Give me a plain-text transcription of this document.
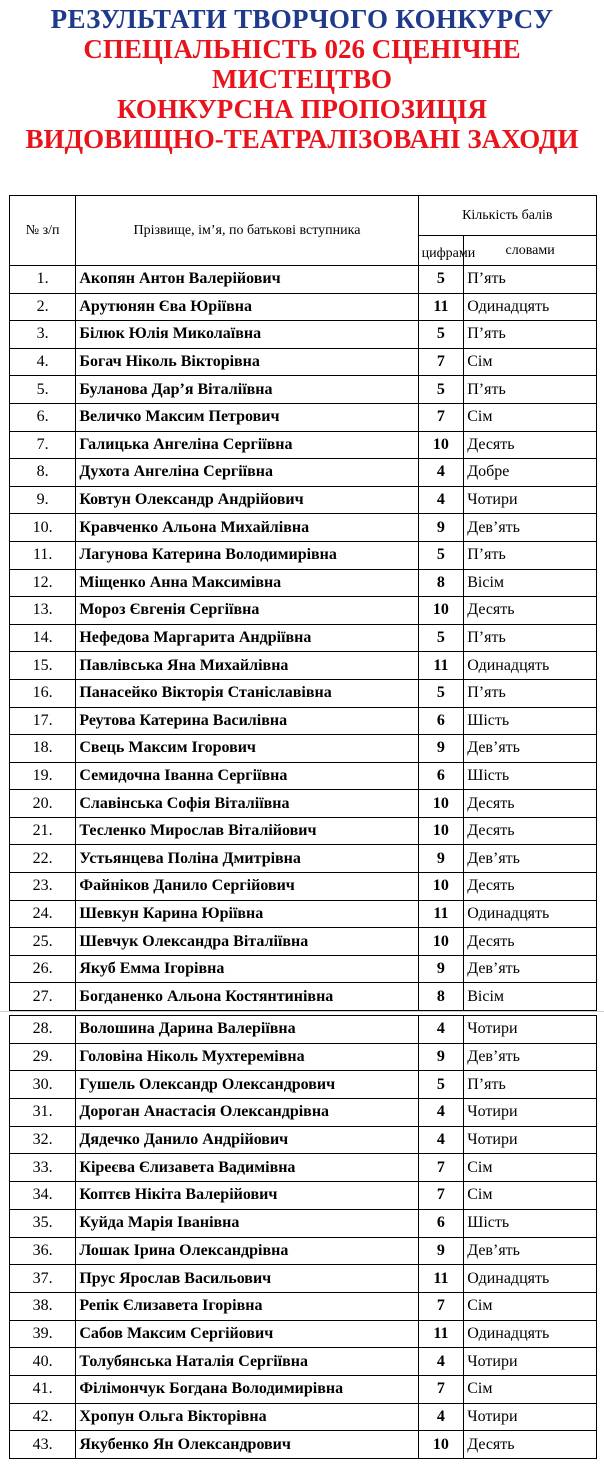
РЕЗУЛЬТАТИ ТВОРЧОГО КОНКУРСУ
СПЕЦІАЛЬНІСТЬ 026 СЦЕНІЧНЕ
МИСТЕЦТВО
КОНКУРСНА ПРОПОЗИЦІЯ
ВИДОВИЩНО-ТЕАТРАЛІЗОВАНІ ЗАХОДИ
№ з/п	Прізвище, ім’я, по батькові вступника	Кількість балів	
		цифрами	словами
1.	Акопян Антон Валерійович	5	П’ять
2.	Арутюнян Єва Юріївна	11	Одинадцять
3.	Білюк Юлія Миколаївна	5	П’ять
4.	Богач Ніколь Вікторівна	7	Сім
5.	Буланова Дар’я Віталіївна	5	П’ять
6.	Величко Максим Петрович	7	Сім
7.	Галицька Ангеліна Сергіївна	10	Десять
8.	Духота Ангеліна Сергіївна	4	Добре
9.	Ковтун Олександр Андрійович	4	Чотири
10.	Кравченко Альона Михайлівна	9	Дев’ять
11.	Лагунова Катерина Володимирівна	5	П’ять
12.	Міщенко Анна Максимівна	8	Вісім
13.	Мороз Євгенія Сергіївна	10	Десять
14.	Нефедова Маргарита Андріївна	5	П’ять
15.	Павлівська Яна Михайлівна	11	Одинадцять
16.	Панасейко Вікторія Станіславівна	5	П’ять
17.	Реутова Катерина Василівна	6	Шість
18.	Свець Максим Ігорович	9	Дев’ять
19.	Семидочна Іванна Сергіївна	6	Шість
20.	Славінська Софія Віталіївна	10	Десять
21.	Тесленко Мирослав Віталійович	10	Десять
22.	Устьянцева Поліна Дмитрівна	9	Дев’ять
23.	Файніков Данило Сергійович	10	Десять
24.	Шевкун Карина Юріївна	11	Одинадцять
25.	Шевчук Олександра Віталіївна	10	Десять
26.	Якуб Емма Ігорівна	9	Дев’ять
27.	Богданенко Альона Костянтинівна	8	Вісім
28.	Волошина Дарина Валеріївна	4	Чотири
29.	Головіна Ніколь Мухтеремівна	9	Дев’ять
30.	Гушель Олександр Олександрович	5	П’ять
31.	Дороган Анастасія Олександрівна	4	Чотири
32.	Дядечко Данило Андрійович	4	Чотири
33.	Кіреєва Єлизавета Вадимівна	7	Сім
34.	Коптєв Нікіта Валерійович	7	Сім
35.	Куйда Марія Іванівна	6	Шість
36.	Лошак Ірина Олександрівна	9	Дев’ять
37.	Прус Ярослав Васильович	11	Одинадцять
38.	Репік Єлизавета Ігорівна	7	Сім
39.	Сабов Максим Сергійович	11	Одинадцять
40.	Толубянська Наталія Сергіївна	4	Чотири
41.	Філімончук Богдана Володимирівна	7	Сім
42.	Хропун Ольга Вікторівна	4	Чотири
43.	Якубенко Ян Олександрович	10	Десять
